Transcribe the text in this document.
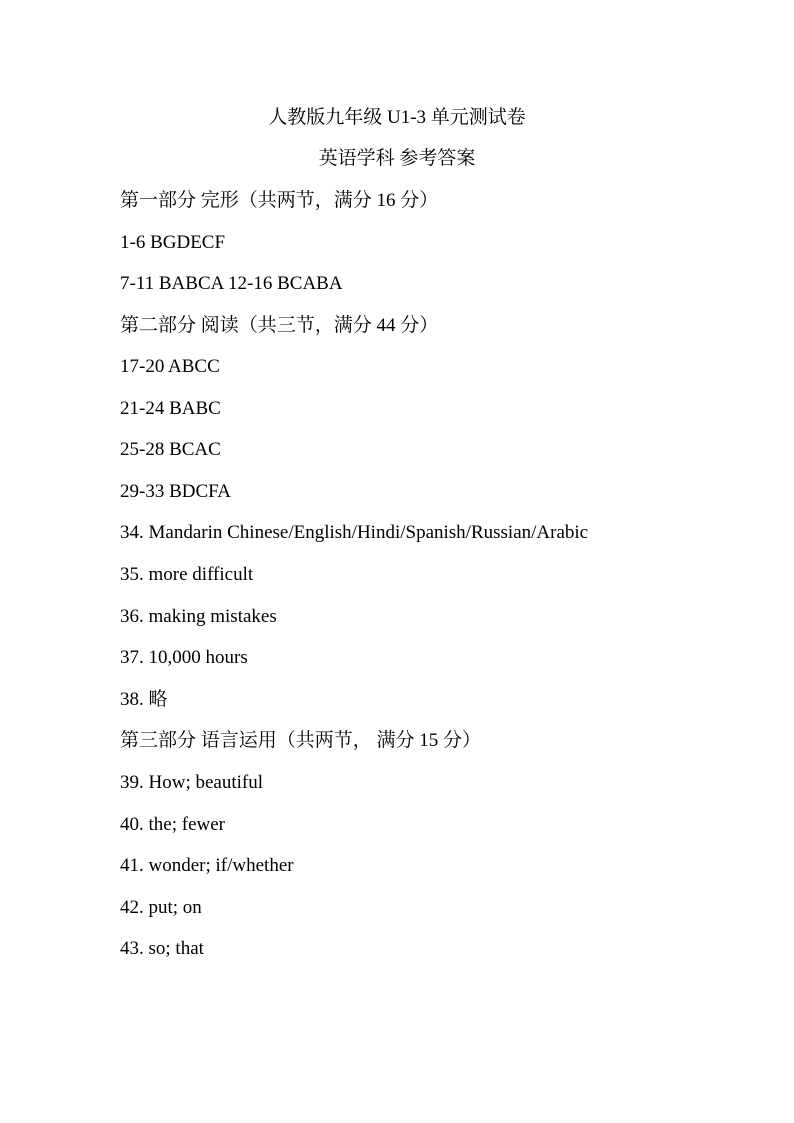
人教版九年级 U1-3 单元测试卷
英语学科 参考答案
第一部分 完形（共两节，满分 16 分）
1-6 BGDECF
7-11 BABCA 12-16 BCABA
第二部分 阅读（共三节，满分 44 分）
17-20 ABCC
21-24 BABC
25-28 BCAC
29-33 BDCFA
34. Mandarin Chinese/English/Hindi/Spanish/Russian/Arabic
35. more difficult
36. making mistakes
37. 10,000 hours
38. 略
第三部分 语言运用（共两节， 满分 15 分）
39. How; beautiful
40. the; fewer
41. wonder; if/whether
42. put; on
43. so; that
